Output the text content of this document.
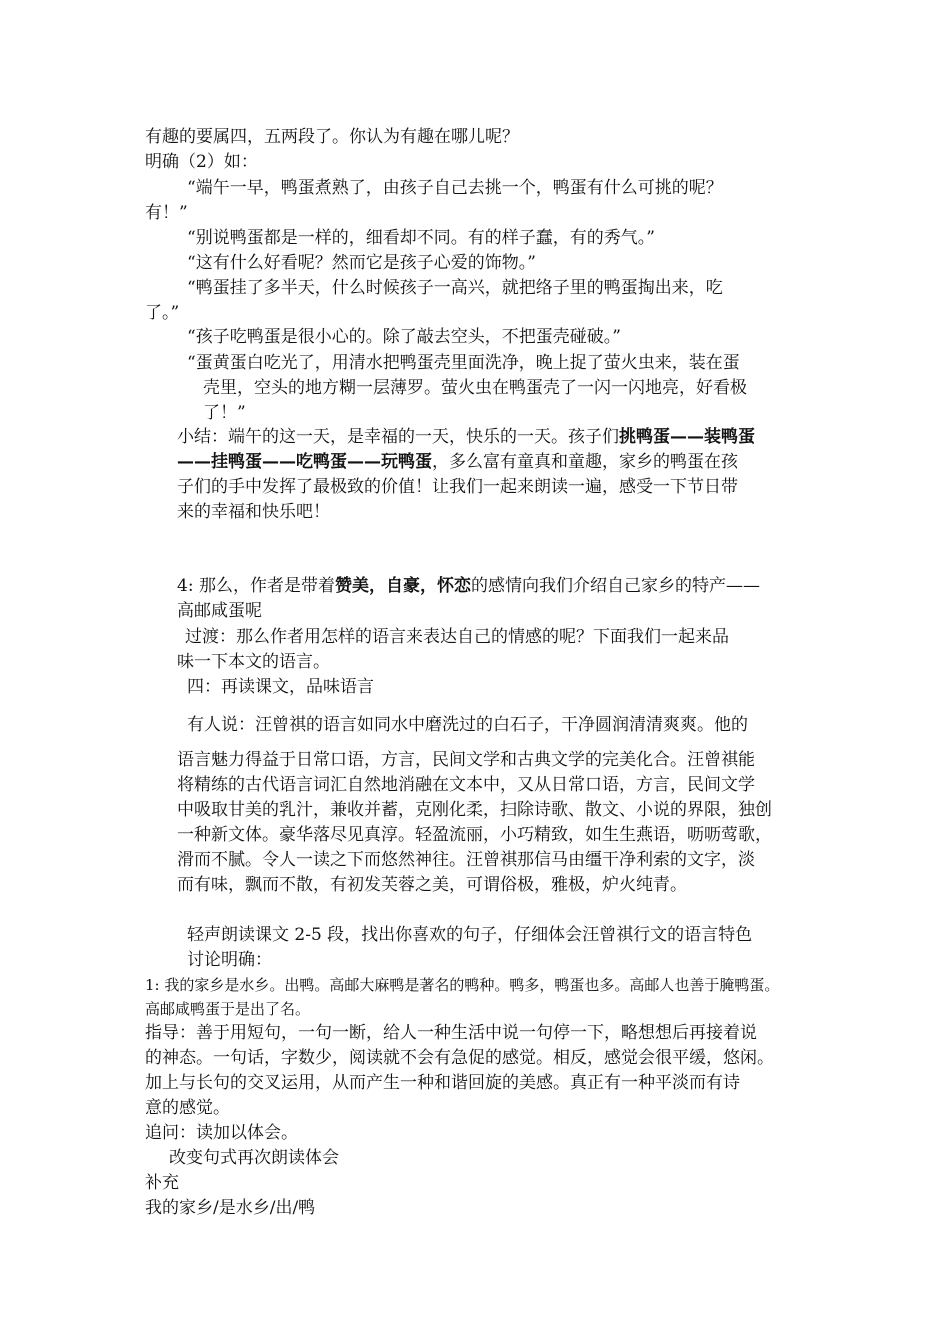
有趣的要属四，五两段了。你认为有趣在哪儿呢？
明确（2）如：
“端午一早，鸭蛋煮熟了，由孩子自己去挑一个，鸭蛋有什么可挑的呢？
有！”
“别说鸭蛋都是一样的，细看却不同。有的样子蠢，有的秀气。”
“这有什么好看呢？然而它是孩子心爱的饰物。”
“鸭蛋挂了多半天，什么时候孩子一高兴，就把络子里的鸭蛋掏出来，吃
了。”
“孩子吃鸭蛋是很小心的。除了敲去空头，不把蛋壳碰破。”
“蛋黄蛋白吃光了，用清水把鸭蛋壳里面洗净，晚上捉了萤火虫来，装在蛋
壳里，空头的地方糊一层薄罗。萤火虫在鸭蛋壳了一闪一闪地亮，好看极
了！”
小结：端午的这一天，是幸福的一天，快乐的一天。孩子们挑鸭蛋——装鸭蛋
——挂鸭蛋——吃鸭蛋——玩鸭蛋，多么富有童真和童趣，家乡的鸭蛋在孩
子们的手中发挥了最极致的价值！让我们一起来朗读一遍，感受一下节日带
来的幸福和快乐吧！
4: 那么，作者是带着赞美，自豪，怀恋的感情向我们介绍自己家乡的特产——
高邮咸蛋呢
过渡：那么作者用怎样的语言来表达自己的情感的呢？下面我们一起来品
味一下本文的语言。
四：再读课文，品味语言
有人说：汪曾祺的语言如同水中磨洗过的白石子，干净圆润清清爽爽。他的
语言魅力得益于日常口语，方言，民间文学和古典文学的完美化合。汪曾祺能
将精练的古代语言词汇自然地消融在文本中，又从日常口语，方言，民间文学
中吸取甘美的乳汁，兼收并蓄，克刚化柔，扫除诗歌、散文、小说的界限，独创
一种新文体。豪华落尽见真淳。轻盈流丽，小巧精致，如生生燕语，呖呖莺歌，
滑而不腻。令人一读之下而悠然神往。汪曾祺那信马由缰干净利索的文字，淡
而有味，飘而不散，有初发芙蓉之美，可谓俗极，雅极，炉火纯青。
轻声朗读课文 2-5 段，找出你喜欢的句子，仔细体会汪曾祺行文的语言特色
讨论明确：
1: 我的家乡是水乡。出鸭。高邮大麻鸭是著名的鸭种。鸭多，鸭蛋也多。高邮人也善于腌鸭蛋。
高邮咸鸭蛋于是出了名。
指导：善于用短句，一句一断，给人一种生活中说一句停一下，略想想后再接着说
的神态。一句话，字数少，阅读就不会有急促的感觉。相反，感觉会很平缓，悠闲。
加上与长句的交叉运用，从而产生一种和谐回旋的美感。真正有一种平淡而有诗
意的感觉。
追问：读加以体会。
改变句式再次朗读体会
补充
我的家乡/是水乡/出/鸭
